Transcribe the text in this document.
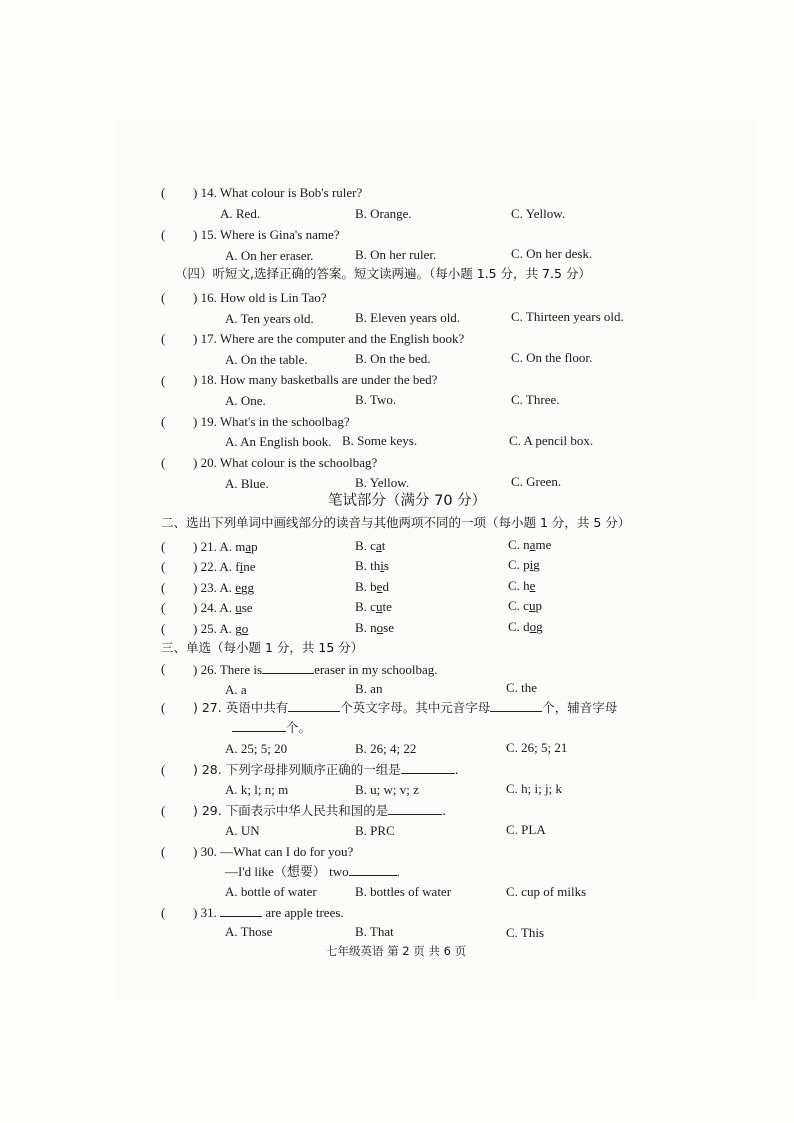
( ) 14. What colour is Bob's ruler?
A. Red.	B. Orange.	C. Yellow.
( ) 15. Where is Gina's name?
A. On her eraser.	B. On her ruler.	C. On her desk.
（四）听短文,选择正确的答案。短文读两遍。（每小题 1.5 分，共 7.5 分）
( ) 16. How old is Lin Tao?
A. Ten years old.	B. Eleven years old.	C. Thirteen years old.
( ) 17. Where are the computer and the English book?
A. On the table.	B. On the bed.	C. On the floor.
( ) 18. How many basketballs are under the bed?
A. One.	B. Two.	C. Three.
( ) 19. What's in the schoolbag?
A. An English book. B. Some keys.	C. A pencil box.
( ) 20. What colour is the schoolbag?
A. Blue.	B. Yellow.	C. Green.
笔试部分（满分 70 分）
二、选出下列单词中画线部分的读音与其他两项不同的一项（每小题 1 分，共 5 分）
( ) 21. A. map	B. cat	C. name
( ) 22. A. fine	B. this	C. pig
( ) 23. A. egg	B. bed	C. he
( ) 24. A. use	B. cute	C. cup
( ) 25. A. go	B. nose	C. dog
三、单选（每小题 1 分，共 15 分）
( ) 26. There is	eraser in my schoolbag.
A. a	B. an	C. the
( ) 27. 英语中共有	个英文字母。其中元音字母	个，辅音字母
个。
A. 25; 5; 20	B. 26; 4; 22	C. 26; 5; 21
( ) 28. 下列字母排列顺序正确的一组是	.
A. k; l; n; m	B. u; w; v; z	C. h; i; j; k
( ) 29. 下面表示中华人民共和国的是	.
A. UN	B. PRC	C. PLA
( ) 30. —What can I do for you?
—I'd like（想要） two	.
A. bottle of water	B. bottles of water	C. cup of milks
( ) 31.	are apple trees.
A. Those	B. That	C. This
七年级英语 第 2 页 共 6 页
